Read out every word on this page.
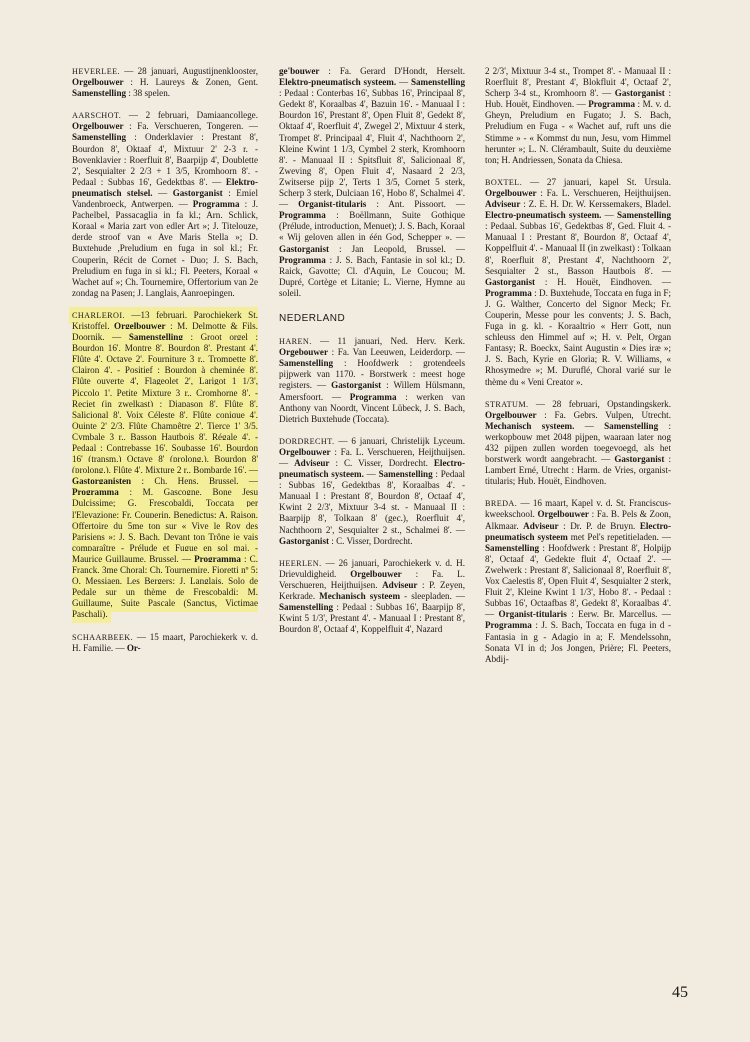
HEVERLEE. — 28 januari, Augustijnenklooster, Orgelbouwer : H. Laureys & Zonen, Gent. Samenstelling : 38 spelen.

AARSCHOT. — 2 februari, Damiaancollege. Orgelbouwer : Fa. Verschueren, Tongeren. — Samenstelling : Onderklavier : Prestant 8', Bourdon 8', Oktaaf 4', Mixtuur 2' 2-3 r. - Bovenklavier : Roerfluit 8', Baarpijp 4', Doublette 2', Sesquialter 2 2/3 + 1 3/5, Kromhoorn 8'. - Pedaal : Subbas 16', Gedektbas 8'. — Elektro-pneumatisch stelsel. — Gastorganist : Emiel Vandenbroeck, Antwerpen. — Programma : J. Pachelbel, Passacaglia in fa kl.; Arn. Schlick, Koraal « Maria zart von edler Art »; J. Titelouze, derde stroof van « Ave Maris Stella »; D. Buxtehude ,Preludium en fuga in sol kl.; Fr. Couperin, Récit de Cornet - Duo; J. S. Bach, Preludium en fuga in si kl.; Fl. Peeters, Koraal « Wachet auf »; Ch. Tournemire, Offertorium van 2e zondag na Pasen; J. Langlais, Aanroepingen.

CHARLEROI. —13 februari, Parochiekerk St. Kristoffel. Orgelbouwer : M. Delmotte & Fils, Doornik. — Samenstelling : Groot orgel : Bourdon 16', Montre 8', Bourdon 8', Prestant 4', Flûte 4', Octave 2', Fourniture 3 r., Trompette 8', Clairon 4'. - Positief : Bourdon à cheminée 8', Flûte ouverte 4', Flageolet 2', Larigot 1 1/3', Piccolo 1', Petite Mixture 3 r., Cromhorne 8'. - Reciet (in zwelkast) : Diapason 8', Flûte 8', Salicional 8', Voix Céleste 8', Flûte conique 4', Quinte 2' 2/3, Flûte Champêtre 2', Tierce 1' 3/5, Cymbale 3 r., Basson Hautbois 8', Régale 4'. - Pedaal : Contrebasse 16', Soubasse 16', Bourdon 16' (transm.) Octave 8' (prolong.), Bourdon 8' (prolong.), Flûte 4', Mixture 2 r., Bombarde 16'. — Gastorganisten : Ch. Hens, Brussel. — Programma : M. Gascogne, Bone Jesu Dulcissime; G. Frescobaldi, Toccata per l'Elevazione; Fr. Couperin, Benedictus; A. Raison, Offertoire du 5me ton sur « Vive le Roy des Parisiens »; J. S. Bach, Devant ton Trône je vais comparaître - Prélude et Fugue en sol maj. - Maurice Guillaume, Brussel. — Programma : C. Franck, 3me Choral; Ch. Tournemire, Fioretti nº 5; O. Messiaen, Les Bergers; J. Langlais, Solo de Pedale sur un thème de Frescobaldi; M. Guillaume, Suite Pascale (Sanctus, Victimae Paschali).

SCHAARBEEK. — 15 maart, Parochiekerk v. d. H. Familie. — Or-

ge'bouwer : Fa. Gerard D'Hondt, Herselt. Elektro-pneumatisch systeem. — Samenstelling : Pedaal : Conterbas 16', Subbas 16', Principaal 8', Gedekt 8', Koraalbas 4', Bazuin 16'. - Manuaal I : Bourdon 16', Prestant 8', Open Fluit 8', Gedekt 8', Oktaaf 4', Roerfluit 4', Zwegel 2', Mixtuur 4 sterk, Trompet 8'. Principaal 4', Fluit 4', Nachthoorn 2', Kleine Kwint 1 1/3, Cymbel 2 sterk, Kromhoorn 8'. - Manuaal II : Spitsfluit 8', Salicionaal 8', Zweving 8', Open Fluit 4', Nasaard 2 2/3, Zwitserse pijp 2', Terts 1 3/5, Cornet 5 sterk, Scherp 3 sterk, Dulciaan 16', Hobo 8', Schalmei 4'. — Organist-titularis : Ant. Pissoort. — Programma : Boëllmann, Suite Gothique (Prélude, introduction, Menuet); J. S. Bach, Koraal « Wij geloven allen in één God, Schepper ». — Gastorganist : Jan Leopold, Brussel. — Programma : J. S. Bach, Fantasie in sol kl.; D. Raick, Gavotte; Cl. d'Aquin, Le Coucou; M. Dupré, Cortège et Litanie; L. Vierne, Hymne au soleil.

NEDERLAND

HAREN. — 11 januari, Ned. Herv. Kerk. Orgebouwer : Fa. Van Leeuwen, Leiderdorp. — Samenstelling : Hoofdwerk : grotendeels pijpwerk van 1170. - Borstwerk : meest hoge registers. — Gastorganist : Willem Hülsmann, Amersfoort. — Programma : werken van Anthony van Noordt, Vincent Lübeck, J. S. Bach, Dietrich Buxtehude (Toccata).

DORDRECHT. — 6 januari, Christelijk Lyceum. Orgelbouwer : Fa. L. Verschueren, Heijthuijsen. — Adviseur : C. Visser, Dordrecht. Electro-pneumatisch systeem. — Samenstelling : Pedaal : Subbas 16', Gedektbas 8', Koraalbas 4'. - Manuaal I : Prestant 8', Bourdon 8', Octaaf 4', Kwint 2 2/3', Mixtuur 3-4 st. - Manuaal II : Baarpijp 8', Tolkaan 8' (gec.), Roerfluit 4', Nachthoorn 2', Sesquialter 2 st., Schalmei 8'. — Gastorganist : C. Visser, Dordrecht.

HEERLEN. — 26 januari, Parochiekerk v. d. H. Drievuldigheid. Orgelbouwer : Fa. L. Verschueren, Heijthuijsen. Adviseur : P. Zeyen, Kerkrade. Mechanisch systeem - sleepladen. — Samenstelling : Pedaal : Subbas 16', Baarpijp 8', Kwint 5 1/3', Prestant 4'. - Manuaal I : Prestant 8', Bourdon 8', Octaaf 4', Koppelfluit 4', Nazard

2 2/3', Mixtuur 3-4 st., Trompet 8'. - Manuaal II : Roerfluit 8', Prestant 4', Blokfluit 4', Octaaf 2', Scherp 3-4 st., Kromhoorn 8'. — Gastorganist : Hub. Houët, Eindhoven. — Programma : M. v. d. Gheyn, Preludium en Fugato; J. S. Bach, Preludium en Fuga - « Wachet auf, ruft uns die Stimme » - « Kommst du nun, Jesu, vom Himmel herunter »; L. N. Clérambault, Suite du deuxième ton; H. Andriessen, Sonata da Chiesa.

BOXTEL. — 27 januari, kapel St. Ursula. Orgelbouwer : Fa. L. Verschueren, Heijthuijsen. Adviseur : Z. E. H. Dr. W. Kerssemakers, Bladel. Electro-pneumatisch systeem. — Samenstelling : Pedaal. Subbas 16', Gedektbas 8', Ged. Fluit 4. - Manuaal I : Prestant 8', Bourdon 8', Octaaf 4', Koppelfluit 4'. - Manuaal II (in zwelkast) : Tolkaan 8', Roerfluit 8', Prestant 4', Nachthoorn 2', Sesquialter 2 st., Basson Hautbois 8'. — Gastorganist : H. Houët, Eindhoven. — Programma : D. Buxtehude, Toccata en fuga in F; J. G. Walther, Concerto del Signor Meck; Fr. Couperin, Messe pour les convents; J. S. Bach, Fuga in g. kl. - Koraaltrio « Herr Gott, nun schleuss den Himmel auf »; H. v. Pelt, Organ Fantasy; R. Boeckx, Saint Augustin « Dies iræ »; J. S. Bach, Kyrie en Gloria; R. V. Williams, « Rhosymedre »; M. Duruflé, Choral varié sur le thème du « Veni Creator ».

STRATUM. — 28 februari, Opstandingskerk. Orgelbouwer : Fa. Gebrs. Vulpen, Utrecht. Mechanisch systeem. — Samenstelling : werkopbouw met 2048 pijpen, waaraan later nog 432 pijpen zullen worden toegevoegd, als het borstwerk wordt aangebracht. — Gastorganist : Lambert Erné, Utrecht : Harm. de Vries, organist-titularis; Hub. Houët, Eindhoven.

BREDA. — 16 maart, Kapel v. d. St. Franciscus-kweekschool. Orgelbouwer : Fa. B. Pels & Zoon, Alkmaar. Adviseur : Dr. P. de Bruyn. Electro-pneumatisch systeem met Pel's repetitieladen. — Samenstelling : Hoofdwerk : Prestant 8', Holpijp 8', Octaaf 4', Gedekte fluit 4', Octaaf 2'. — Zwelwerk : Prestant 8', Salicionaal 8', Roerfluit 8', Vox Caelestis 8', Open Fluit 4', Sesquialter 2 sterk, Fluit 2', Kleine Kwint 1 1/3', Hobo 8'. - Pedaal : Subbas 16', Octaafbas 8', Gedekt 8', Koraalbas 4'. — Organist-titularis : Eerw. Br. Marcellus. — Programma : J. S. Bach, Toccata en fuga in d - Fantasia in g - Adagio in a; F. Mendelssohn, Sonata VI in d; Jos Jongen, Prière; Fl. Peeters, Abdij-

45
